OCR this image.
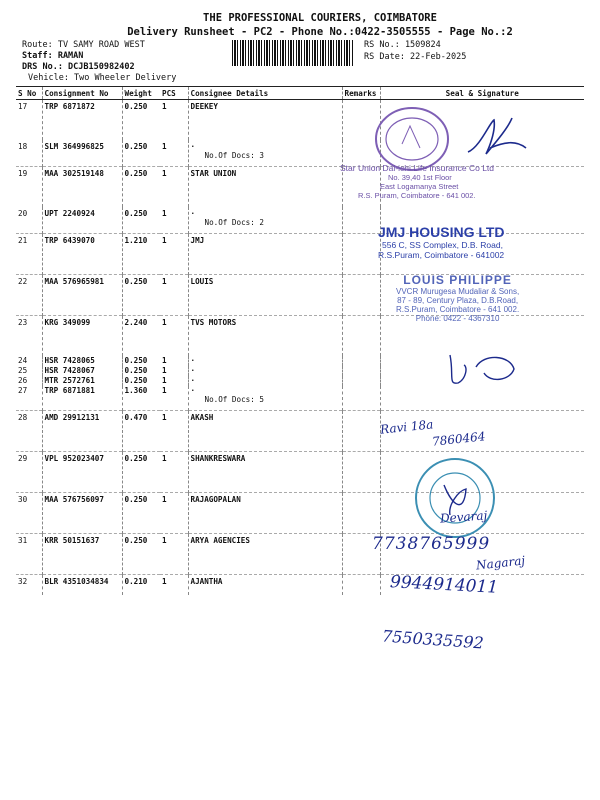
THE PROFESSIONAL COURIERS, COIMBATORE
Delivery Runsheet - PC2 - Phone No.:0422-3505555 - Page No.:2
Route: TV SAMY ROAD WEST
Staff: RAMAN
DRS No.: DCJB150982402
Vehicle: Two Wheeler Delivery
RS No.: 1509824
RS Date: 22-Feb-2025
S No	Consignment No	Weight	PCS	Consignee Details	Remarks	Seal & Signature

17	TRP 6871872	0.250	1	DEEKEY		

18	SLM 364996825	0.250	1	·
No.Of Docs: 3		

19	MAA 302519148	0.250	1	STAR UNION		

20	UPT 2240924	0.250	1	·
No.Of Docs: 2		

21	TRP 6439070	1.210	1	JMJ		

22	MAA 576965981	0.250	1	LOUIS		

23	KRG 349099	2.240	1	TVS MOTORS		

24	HSR 7428065	0.250	1	·		

25	HSR 7428067	0.250	1	·		

26	MTR 2572761	0.250	1	·		

27	TRP 6871881	1.360	1	·
No.Of Docs: 5		

28	AMD 29912131	0.470	1	AKASH		

29	VPL 952023407	0.250	1	SHANKRESWARA		

30	MAA 576756097	0.250	1	RAJAGOPALAN		

31	KRR 50151637	0.250	1	ARYA AGENCIES		

32	BLR 4351034834	0.210	1	AJANTHA		

Star Union Dai-ichi Life Insurance Co Ltd
No. 39,40 1st Floor
East Logamanya Street
R.S. Puram, Coimbatore - 641 002.
JMJ HOUSING LTD
556 C, SS Complex, D.B. Road,
R.S.Puram, Coimbatore - 641002
LOUIS PHILIPPE
VVCR Murugesa Mudaliar & Sons,
87 - 89, Century Plaza, D.B.Road,
R.S.Puram, Coimbatore - 641 002.
Phone: 0422 - 4367310
Ravi 18a
7860464
Devaraj
7738765999
Nagaraj
9944914011
7550335592
